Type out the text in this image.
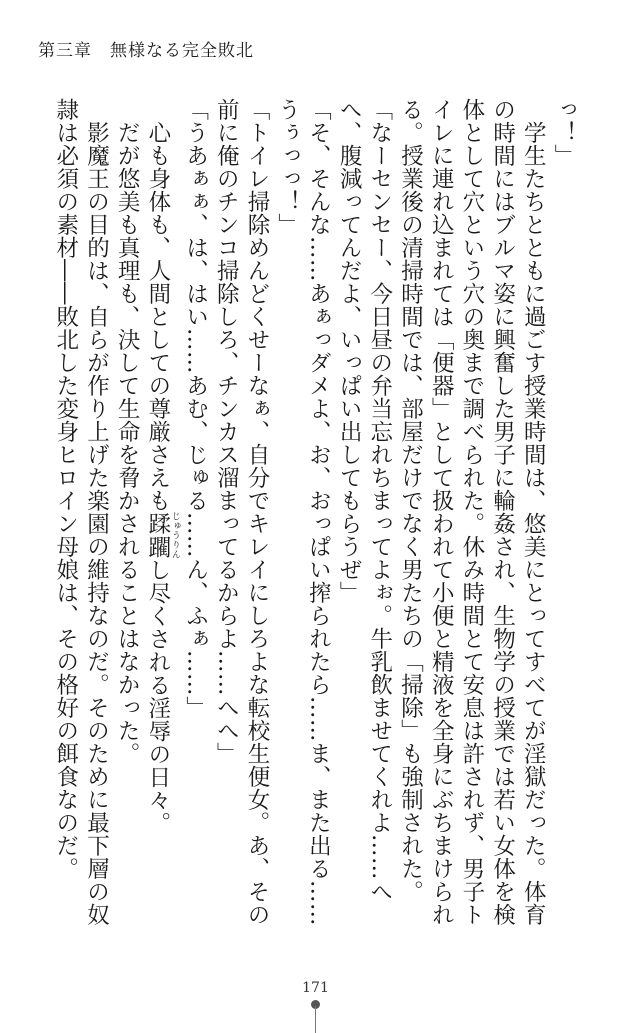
第三章　無様なる完全敗北

っ！」

　学生たちとともに過ごす授業時間は、悠美にとってすべてが淫獄だった。体育の時間にはブルマ姿に興奮した男子に輪姦され、生物学の授業では若い女体を検体として穴という穴の奥まで調べられた。休み時間とて安息は許されず、男子トイレに連れ込まれては「便器」として扱われて小便と精液を全身にぶちまけられる。授業後の清掃時間では、部屋だけでなく男たちの「掃除」も強制された。

「なーセンセー、今日昼の弁当忘れちまってよぉ。牛乳飲ませてくれよ……へへ、腹減ってんだよ、いっぱい出してもらうぜ」

「そ、そんな……あぁっダメよ、お、おっぱい搾られたら……ま、また出る……うぅっっ！」

「トイレ掃除めんどくせーなぁ、自分でキレイにしろよな転校生便女。あ、その前に俺のチンコ掃除しろ、チンカス溜まってるからよ……へへ」

「うあぁぁ、は、はい……あむ、じゅる……ん、ふぁ……」

　心も身体も、人間としての尊厳さえも蹂躙 じゅうりんし尽くされる淫辱の日々。

　だが悠美も真理も、決して生命を脅かされることはなかった。

　影魔王の目的は、自らが作り上げた楽園の維持なのだ。そのために最下層の奴隷は必須の素材――敗北した変身ヒロイン母娘は、その格好の餌食なのだ。

171
